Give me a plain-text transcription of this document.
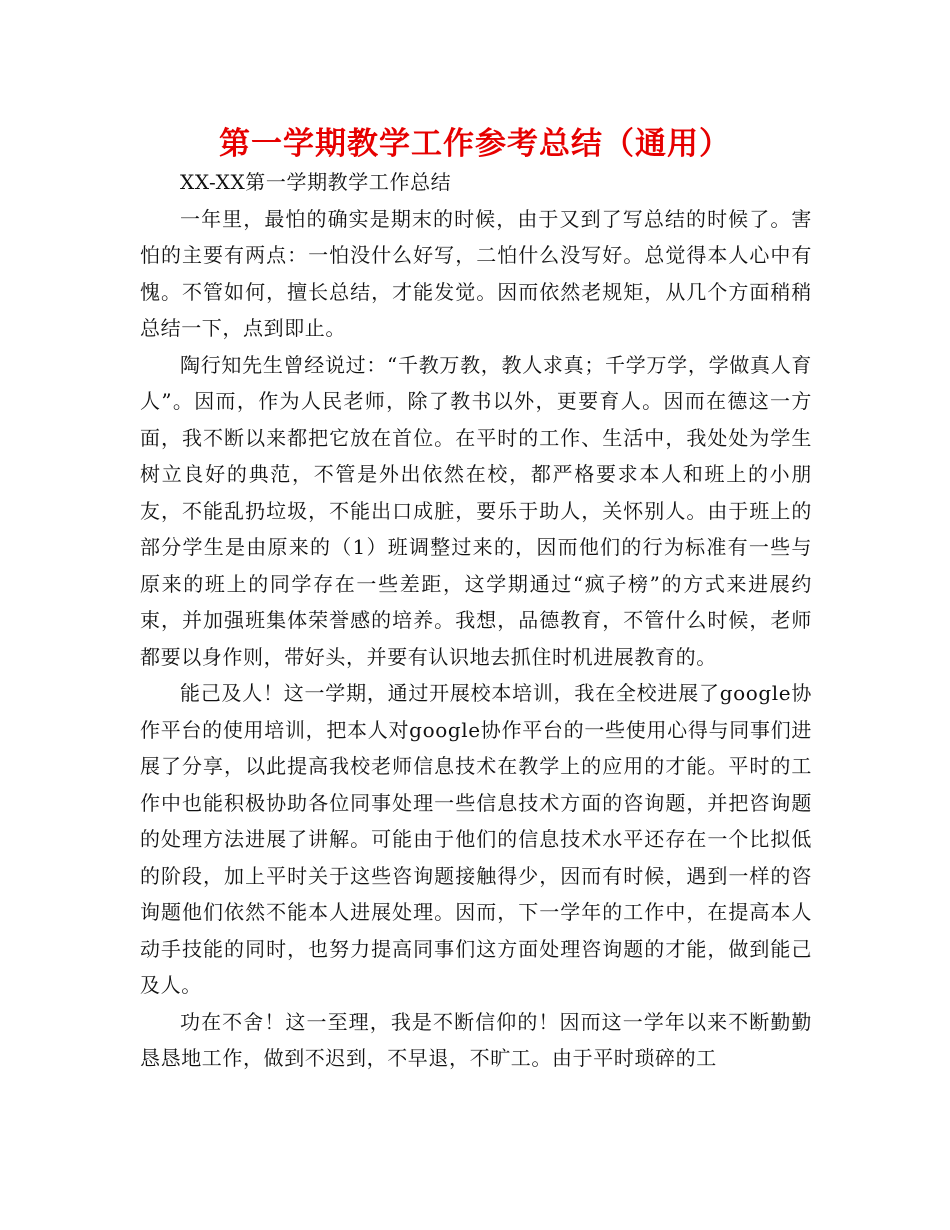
第一学期教学工作参考总结（通用）

XX-XX第一学期教学工作总结

一年里，最怕的确实是期末的时候，由于又到了写总结的时候了。害怕的主要有两点：一怕没什么好写，二怕什么没写好。总觉得本人心中有愧。不管如何，擅长总结，才能发觉。因而依然老规矩，从几个方面稍稍总结一下，点到即止。

陶行知先生曾经说过：“千教万教，教人求真；千学万学，学做真人育人”。因而，作为人民老师，除了教书以外，更要育人。因而在德这一方面，我不断以来都把它放在首位。在平时的工作、生活中，我处处为学生树立良好的典范，不管是外出依然在校，都严格要求本人和班上的小朋友，不能乱扔垃圾，不能出口成脏，要乐于助人，关怀别人。由于班上的部分学生是由原来的（1）班调整过来的，因而他们的行为标准有一些与原来的班上的同学存在一些差距，这学期通过“疯子榜”的方式来进展约束，并加强班集体荣誉感的培养。我想，品德教育，不管什么时候，老师都要以身作则，带好头，并要有认识地去抓住时机进展教育的。

能己及人！这一学期，通过开展校本培训，我在全校进展了google协作平台的使用培训，把本人对google协作平台的一些使用心得与同事们进展了分享，以此提高我校老师信息技术在教学上的应用的才能。平时的工作中也能积极协助各位同事处理一些信息技术方面的咨询题，并把咨询题的处理方法进展了讲解。可能由于他们的信息技术水平还存在一个比拟低的阶段，加上平时关于这些咨询题接触得少，因而有时候，遇到一样的咨询题他们依然不能本人进展处理。因而，下一学年的工作中，在提高本人动手技能的同时，也努力提高同事们这方面处理咨询题的才能，做到能己及人。

功在不舍！这一至理，我是不断信仰的！因而这一学年以来不断勤勤恳恳地工作，做到不迟到，不早退，不旷工。由于平时琐碎的工
